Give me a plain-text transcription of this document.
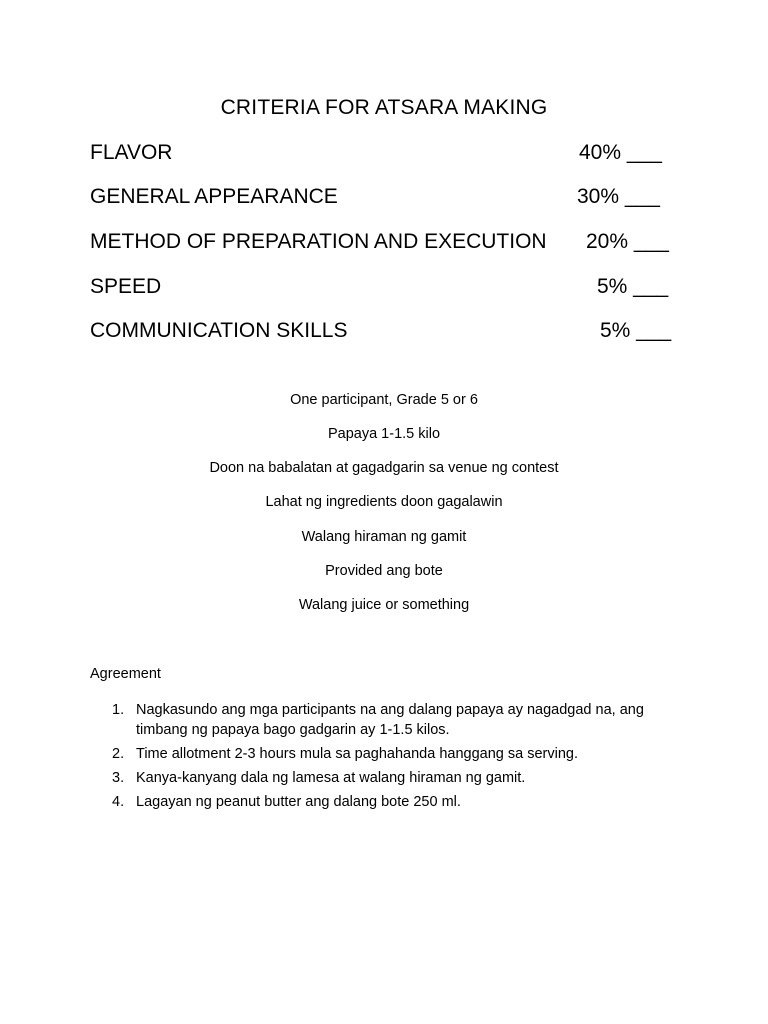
CRITERIA FOR ATSARA MAKING
FLAVOR	40% ___
GENERAL APPEARANCE	30% ___
METHOD OF PREPARATION AND EXECUTION 20% ___
SPEED	5% ___
COMMUNICATION SKILLS	5% ___
One participant, Grade 5 or 6
Papaya 1-1.5 kilo
Doon na babalatan at gagadgarin sa venue ng contest
Lahat ng ingredients doon gagalawin
Walang hiraman ng gamit
Provided ang bote
Walang juice or something
Agreement
1. Nagkasundo ang mga participants na ang dalang papaya ay nagadgad na, ang timbang ng papaya bago gadgarin ay 1-1.5 kilos.
2. Time allotment 2-3 hours mula sa paghahanda hanggang sa serving.
3. Kanya-kanyang dala ng lamesa at walang hiraman ng gamit.
4. Lagayan ng peanut butter ang dalang bote 250 ml.
